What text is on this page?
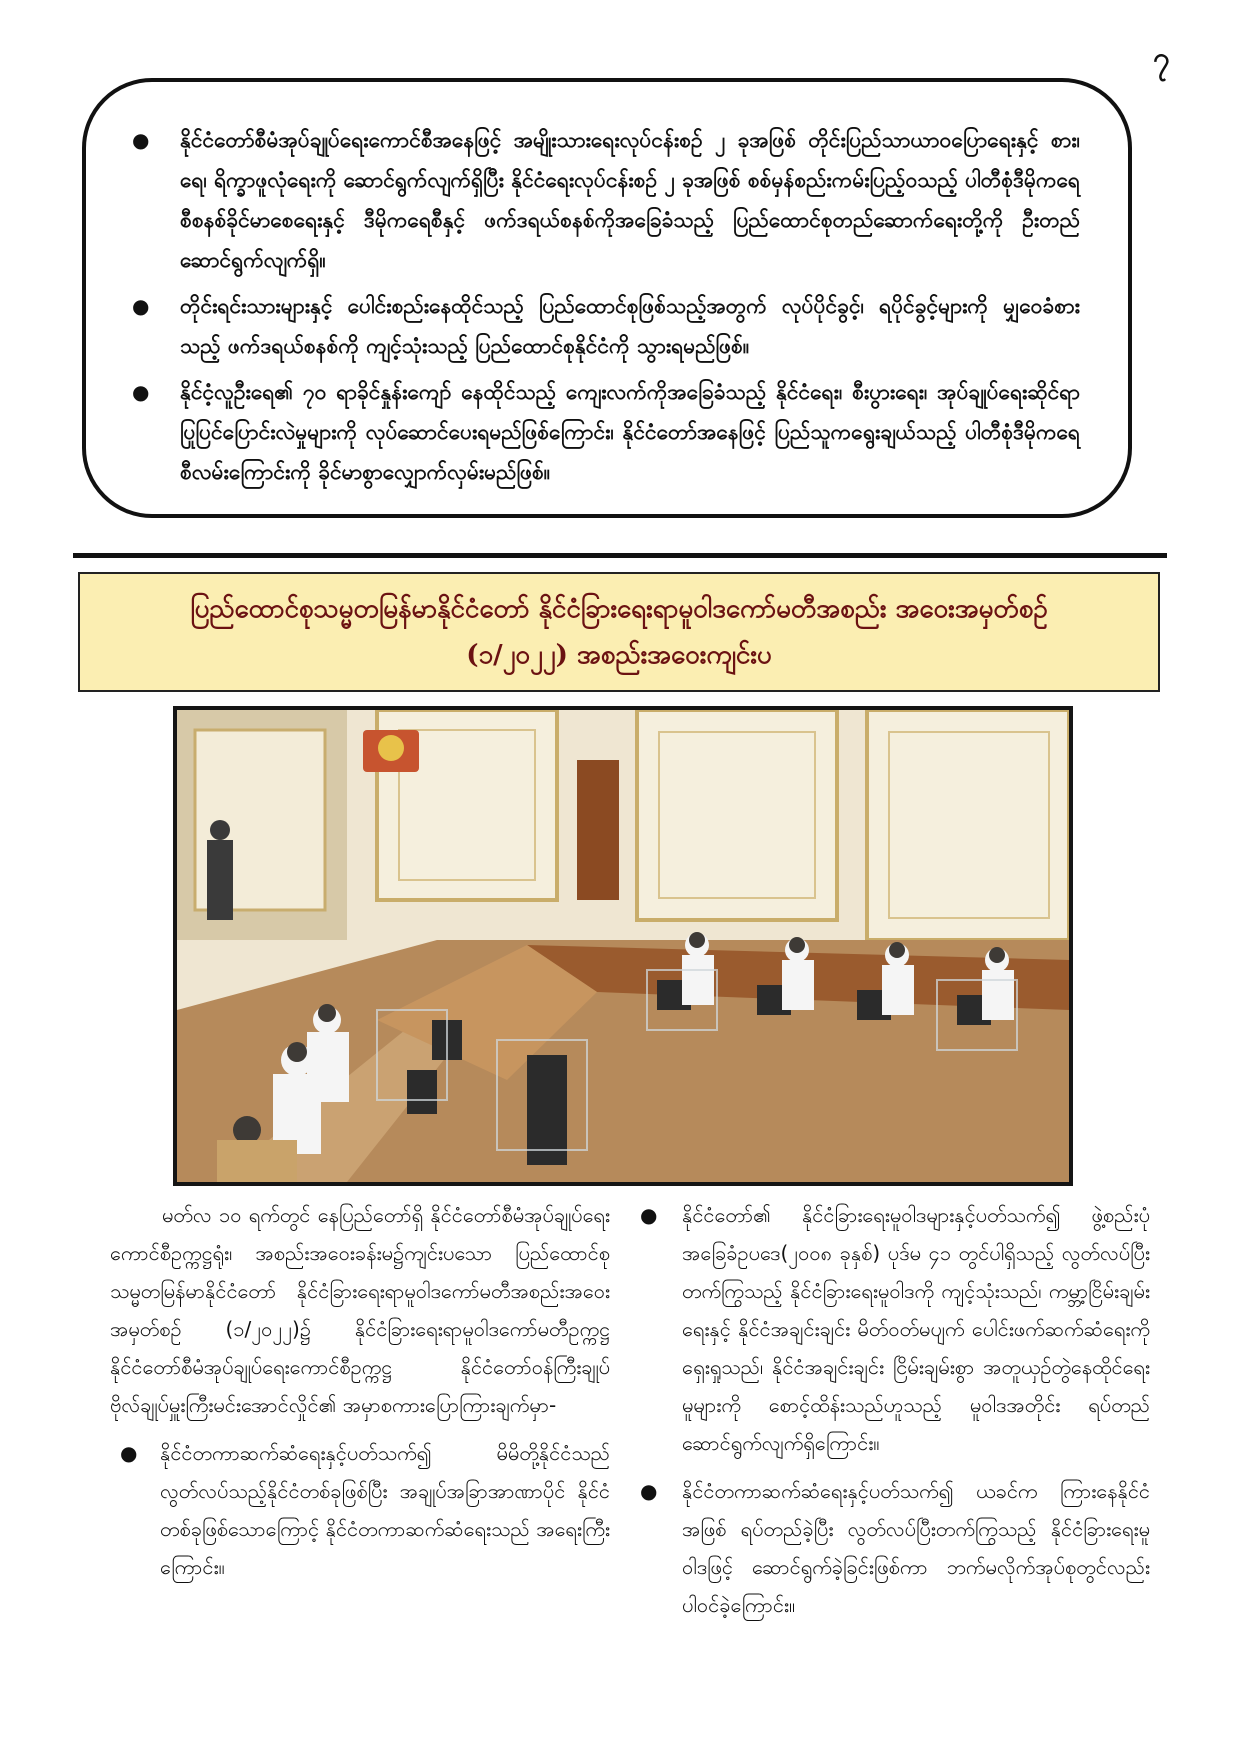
၇
● နိုင်ငံတော်စီမံအုပ်ချုပ်ရေးကောင်စီအနေဖြင့် အမျိုးသားရေးလုပ်ငန်းစဉ် ၂ ခုအဖြစ် တိုင်းပြည်သာယာဝပြောရေးနှင့် စား၊ ရေ၊ ရိက္ခာဖူလုံရေးကို ဆောင်ရွက်လျက်ရှိပြီး နိုင်ငံရေးလုပ်ငန်းစဉ် ၂ ခုအဖြစ် စစ်မှန်စည်းကမ်းပြည့်ဝသည့် ပါတီစုံဒီမိုကရေစီစနစ်ခိုင်မာစေရေးနှင့် ဒီမိုကရေစီနှင့် ဖက်ဒရယ်စနစ်ကိုအခြေခံသည့် ပြည်ထောင်စုတည်ဆောက်ရေးတို့ကို ဦးတည်ဆောင်ရွက်လျက်ရှိ။
● တိုင်းရင်းသားများနှင့် ပေါင်းစည်းနေထိုင်သည့် ပြည်ထောင်စုဖြစ်သည့်အတွက် လုပ်ပိုင်ခွင့်၊ ရပိုင်ခွင့်များကို မျှဝေခံစားသည့် ဖက်ဒရယ်စနစ်ကို ကျင့်သုံးသည့် ပြည်ထောင်စုနိုင်ငံကို သွားရမည်ဖြစ်။
● နိုင်ငံ့လူဦးရေ၏ ၇၀ ရာခိုင်နှုန်းကျော် နေထိုင်သည့် ကျေးလက်ကိုအခြေခံသည့် နိုင်ငံရေး၊ စီးပွားရေး၊ အုပ်ချုပ်ရေးဆိုင်ရာ ပြုပြင်ပြောင်းလဲမှုများကို လုပ်ဆောင်ပေးရမည်ဖြစ်ကြောင်း၊ နိုင်ငံတော်အနေဖြင့် ပြည်သူကရွေးချယ်သည့် ပါတီစုံဒီမိုကရေစီလမ်းကြောင်းကို ခိုင်မာစွာလျှောက်လှမ်းမည်ဖြစ်။
ပြည်ထောင်စုသမ္မတမြန်မာနိုင်ငံတော် နိုင်ငံခြားရေးရာမူဝါဒကော်မတီအစည်း အဝေးအမှတ်စဉ်
(၁/၂၀၂၂) အစည်းအဝေးကျင်းပ

မတ်လ ၁၀ ရက်တွင် နေပြည်တော်ရှိ နိုင်ငံတော်စီမံအုပ်ချုပ်ရေးကောင်စီဥက္ကဋ္ဌရုံး၊ အစည်းအဝေးခန်းမ၌ကျင်းပသော ပြည်ထောင်စုသမ္မတမြန်မာနိုင်ငံတော် နိုင်ငံခြားရေးရာမူဝါဒကော်မတီအစည်းအဝေးအမှတ်စဉ် (၁/၂၀၂၂)၌ နိုင်ငံခြားရေးရာမူဝါဒကော်မတီဥက္ကဋ္ဌ နိုင်ငံတော်စီမံအုပ်ချုပ်ရေးကောင်စီဥက္ကဋ္ဌ နိုင်ငံတော်ဝန်ကြီးချုပ် ဗိုလ်ချုပ်မှူးကြီးမင်းအောင်လှိုင်၏ အမှာစကားပြောကြားချက်မှာ-

● နိုင်ငံတကာဆက်ဆံရေးနှင့်ပတ်သက်၍ မိမိတို့နိုင်ငံသည် လွတ်လပ်သည့်နိုင်ငံတစ်ခုဖြစ်ပြီး အချုပ်အခြာအာဏာပိုင် နိုင်ငံတစ်ခုဖြစ်သောကြောင့် နိုင်ငံတကာဆက်ဆံရေးသည် အရေးကြီးကြောင်း။
● နိုင်ငံတော်၏ နိုင်ငံခြားရေးမူဝါဒများနှင့်ပတ်သက်၍ ဖွဲ့စည်းပုံအခြေခံဥပဒေ(၂၀၀၈ ခုနှစ်) ပုဒ်မ ၄၁ တွင်ပါရှိသည့် လွတ်လပ်ပြီးတက်ကြွသည့် နိုင်ငံခြားရေးမူဝါဒကို ကျင့်သုံးသည်၊ ကမ္ဘာ့ငြိမ်းချမ်းရေးနှင့် နိုင်ငံအချင်းချင်း မိတ်ဝတ်မပျက် ပေါင်းဖက်ဆက်ဆံရေးကိုရှေးရှုသည်၊ နိုင်ငံအချင်းချင်း ငြိမ်းချမ်းစွာ အတူယှဉ်တွဲနေထိုင်ရေးမူများကို စောင့်ထိန်းသည်ဟူသည့် မူဝါဒအတိုင်း ရပ်တည်ဆောင်ရွက်လျက်ရှိကြောင်း။
● နိုင်ငံတကာဆက်ဆံရေးနှင့်ပတ်သက်၍ ယခင်က ကြားနေနိုင်ငံအဖြစ် ရပ်တည်ခဲ့ပြီး လွတ်လပ်ပြီးတက်ကြွသည့် နိုင်ငံခြားရေးမူဝါဒဖြင့် ဆောင်ရွက်ခဲ့ခြင်းဖြစ်ကာ ဘက်မလိုက်အုပ်စုတွင်လည်း ပါဝင်ခဲ့ကြောင်း။
